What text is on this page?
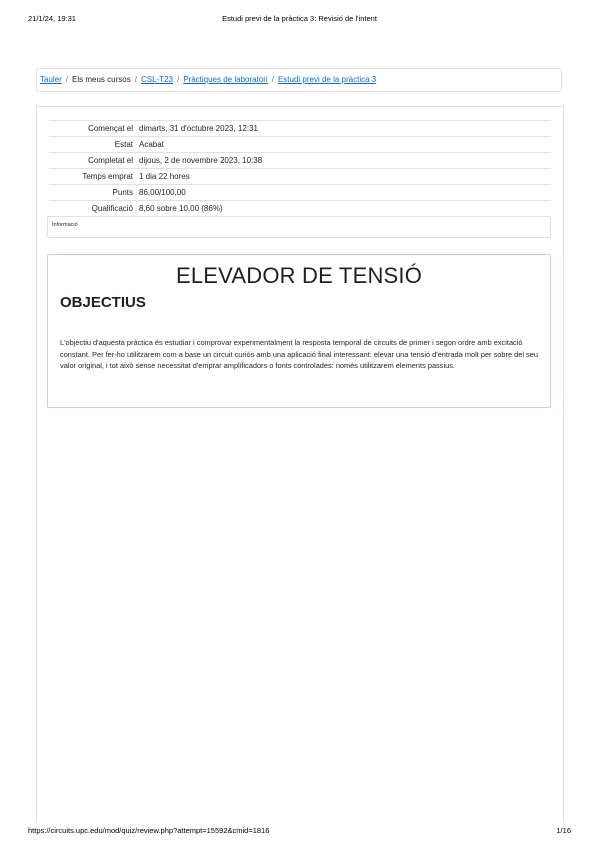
21/1/24, 19:31	Estudi previ de la pràctica 3: Revisió de l'intent
Tauler / Els meus cursos / CSL-T23 / Pràctiques de laboratori / Estudi previ de la pràctica 3
Començat el	dimarts, 31 d'octubre 2023, 12:31
Estat	Acabat
Completat el	dijous, 2 de novembre 2023, 10:38
Temps emprat	1 dia 22 hores
Punts	86,00/100,00
Qualificació	8,60 sobre 10,00 (86%)
Informació
ELEVADOR DE TENSIÓ
OBJECTIUS

L'objectiu d'aquesta pràctica és estudiar i comprovar experimentalment la resposta temporal de circuits de primer i segon ordre amb excitació constant. Per fer-ho utilitzarem com a base un circuit curiós amb una aplicació final interessant: elevar una tensió d'entrada molt per sobre del seu valor original, i tot això sense necessitat d'emprar amplificadors o fonts controlades: només utilitzarem elements passius.

https://circuits.upc.edu/mod/quiz/review.php?attempt=15592&cmid=1816	1/16
